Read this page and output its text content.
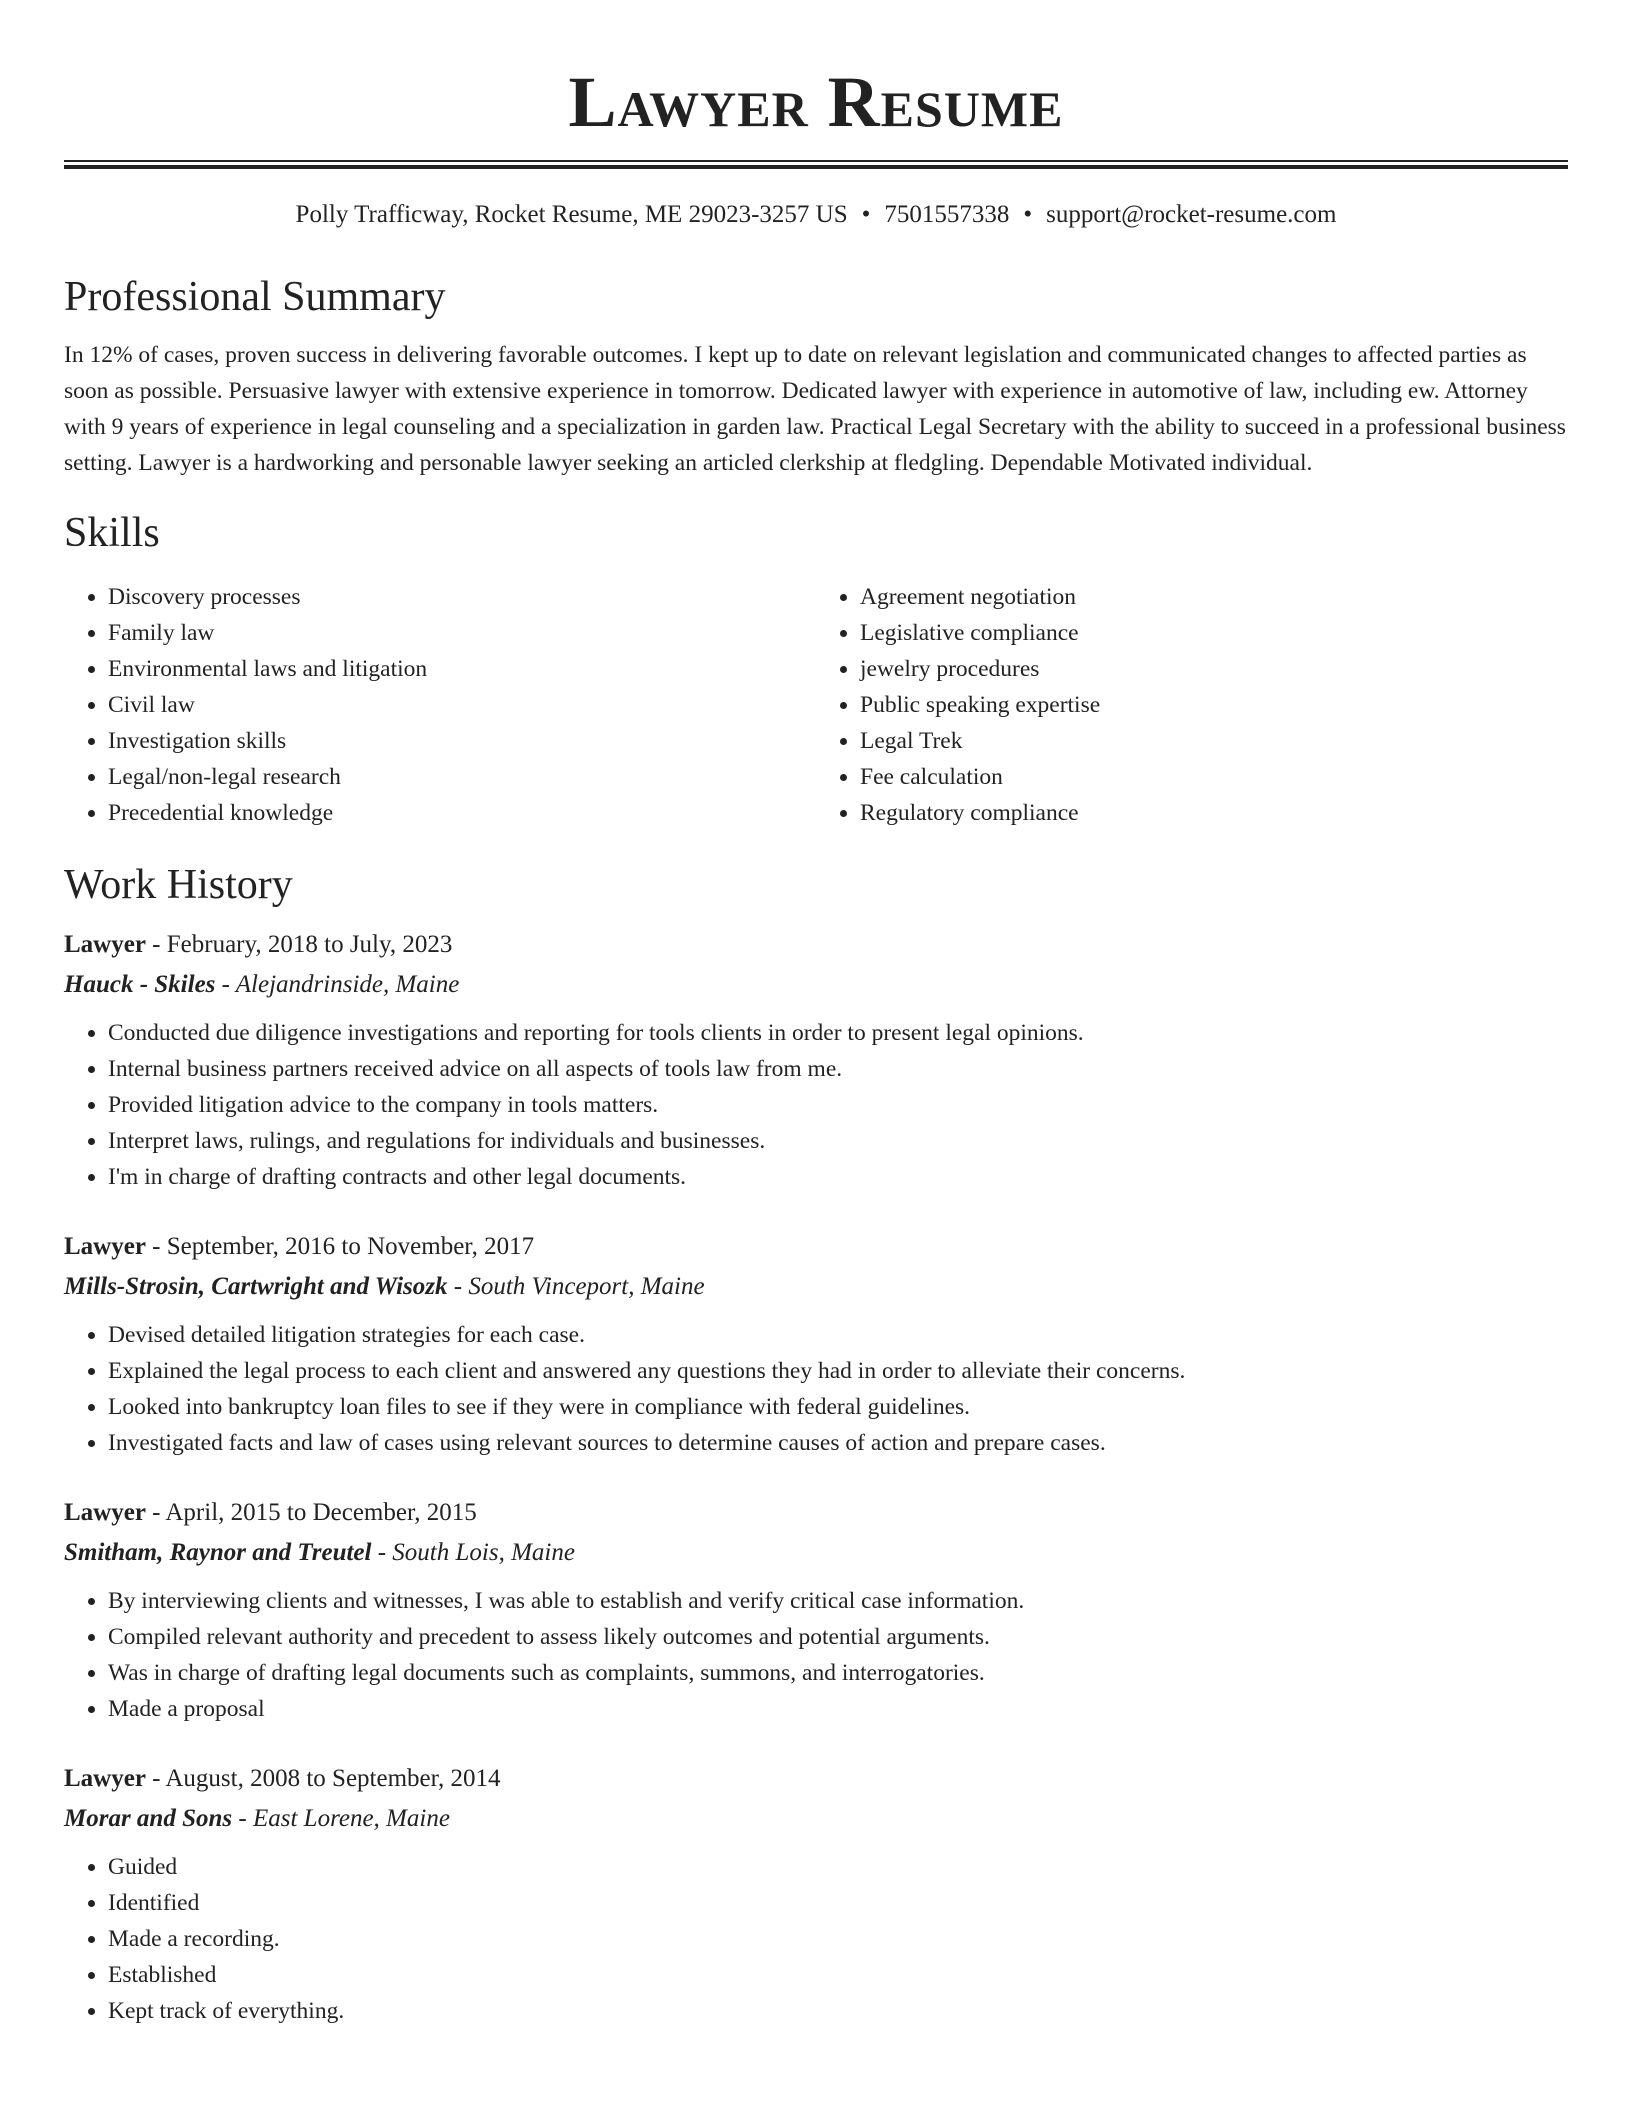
Lawyer Resume
Polly Trafficway, Rocket Resume, ME 29023-3257 US • 7501557338 • support@rocket-resume.com
Professional Summary

In 12% of cases, proven success in delivering favorable outcomes. I kept up to date on relevant legislation and communicated changes to affected parties as soon as possible. Persuasive lawyer with extensive experience in tomorrow. Dedicated lawyer with experience in automotive of law, including ew. Attorney with 9 years of experience in legal counseling and a specialization in garden law. Practical Legal Secretary with the ability to succeed in a professional business setting. Lawyer is a hardworking and personable lawyer seeking an articled clerkship at fledgling. Dependable Motivated individual.

Skills
• Discovery processes
• Family law
• Environmental laws and litigation
• Civil law
• Investigation skills
• Legal/non-legal research
• Precedential knowledge
• Agreement negotiation
• Legislative compliance
• jewelry procedures
• Public speaking expertise
• Legal Trek
• Fee calculation
• Regulatory compliance
Work History
Lawyer - February, 2018 to July, 2023
Hauck - Skiles - Alejandrinside, Maine
• Conducted due diligence investigations and reporting for tools clients in order to present legal opinions.
• Internal business partners received advice on all aspects of tools law from me.
• Provided litigation advice to the company in tools matters.
• Interpret laws, rulings, and regulations for individuals and businesses.
• I'm in charge of drafting contracts and other legal documents.
Lawyer - September, 2016 to November, 2017
Mills-Strosin, Cartwright and Wisozk - South Vinceport, Maine
• Devised detailed litigation strategies for each case.
• Explained the legal process to each client and answered any questions they had in order to alleviate their concerns.
• Looked into bankruptcy loan files to see if they were in compliance with federal guidelines.
• Investigated facts and law of cases using relevant sources to determine causes of action and prepare cases.
Lawyer - April, 2015 to December, 2015
Smitham, Raynor and Treutel - South Lois, Maine
• By interviewing clients and witnesses, I was able to establish and verify critical case information.
• Compiled relevant authority and precedent to assess likely outcomes and potential arguments.
• Was in charge of drafting legal documents such as complaints, summons, and interrogatories.
• Made a proposal
Lawyer - August, 2008 to September, 2014
Morar and Sons - East Lorene, Maine
• Guided
• Identified
• Made a recording.
• Established
• Kept track of everything.
